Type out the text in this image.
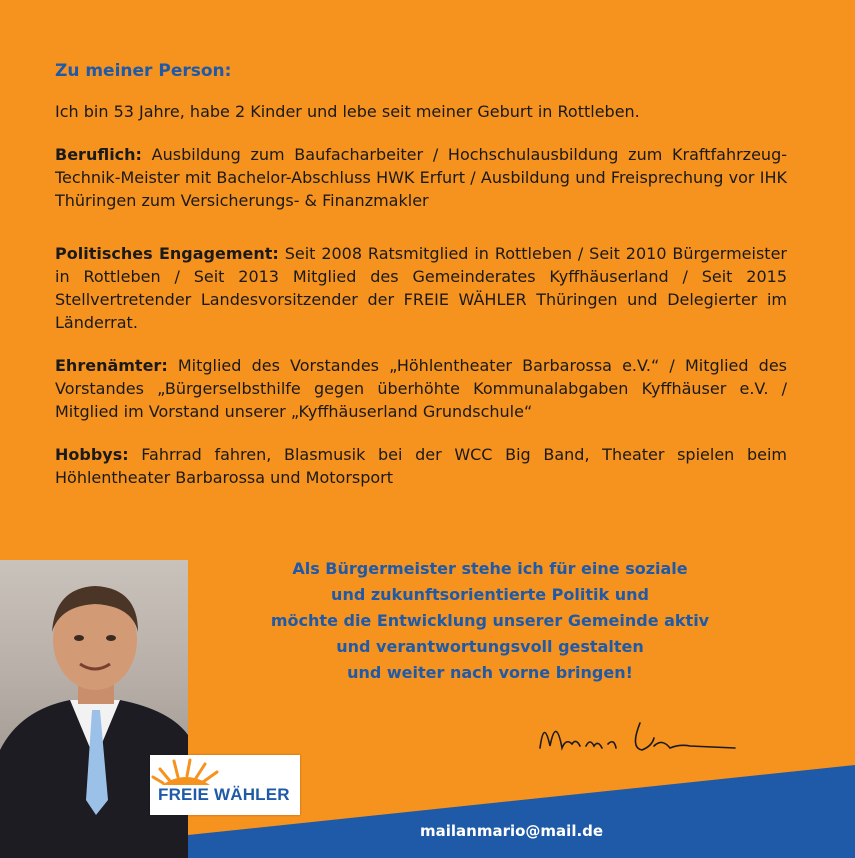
Zu meiner Person:

Ich bin 53 Jahre, habe 2 Kinder und lebe seit meiner Geburt in Rottleben.

Beruflich: Ausbildung zum Baufacharbeiter / Hochschulausbildung zum Kraftfahrzeug-Technik-Meister mit Bachelor-Abschluss HWK Erfurt / Ausbildung und Freisprechung vor IHK Thüringen zum Versicherungs- & Finanzmakler

Politisches Engagement: Seit 2008 Ratsmitglied in Rottleben / Seit 2010 Bürgermeister in Rottleben / Seit 2013 Mitglied des Gemeinderates Kyffhäuserland / Seit 2015 Stellvertretender Landesvorsitzender der FREIE WÄHLER Thüringen und Delegierter im Länderrat.

Ehrenämter: Mitglied des Vorstandes „Höhlentheater Barbarossa e.V.“ / Mitglied des Vorstandes „Bürgerselbsthilfe gegen überhöhte Kommunalabgaben Kyffhäuser e.V. / Mitglied im Vorstand unserer „Kyffhäuserland Grundschule“

Hobbys: Fahrrad fahren, Blasmusik bei der WCC Big Band, Theater spielen beim Höhlentheater Barbarossa und Motorsport

Als Bürgermeister stehe ich für eine soziale
und zukunftsorientierte Politik und
möchte die Entwicklung unserer Gemeinde aktiv
und verantwortungsvoll gestalten
und weiter nach vorne bringen!
FREIE WÄHLER
mailanmario@mail.de
